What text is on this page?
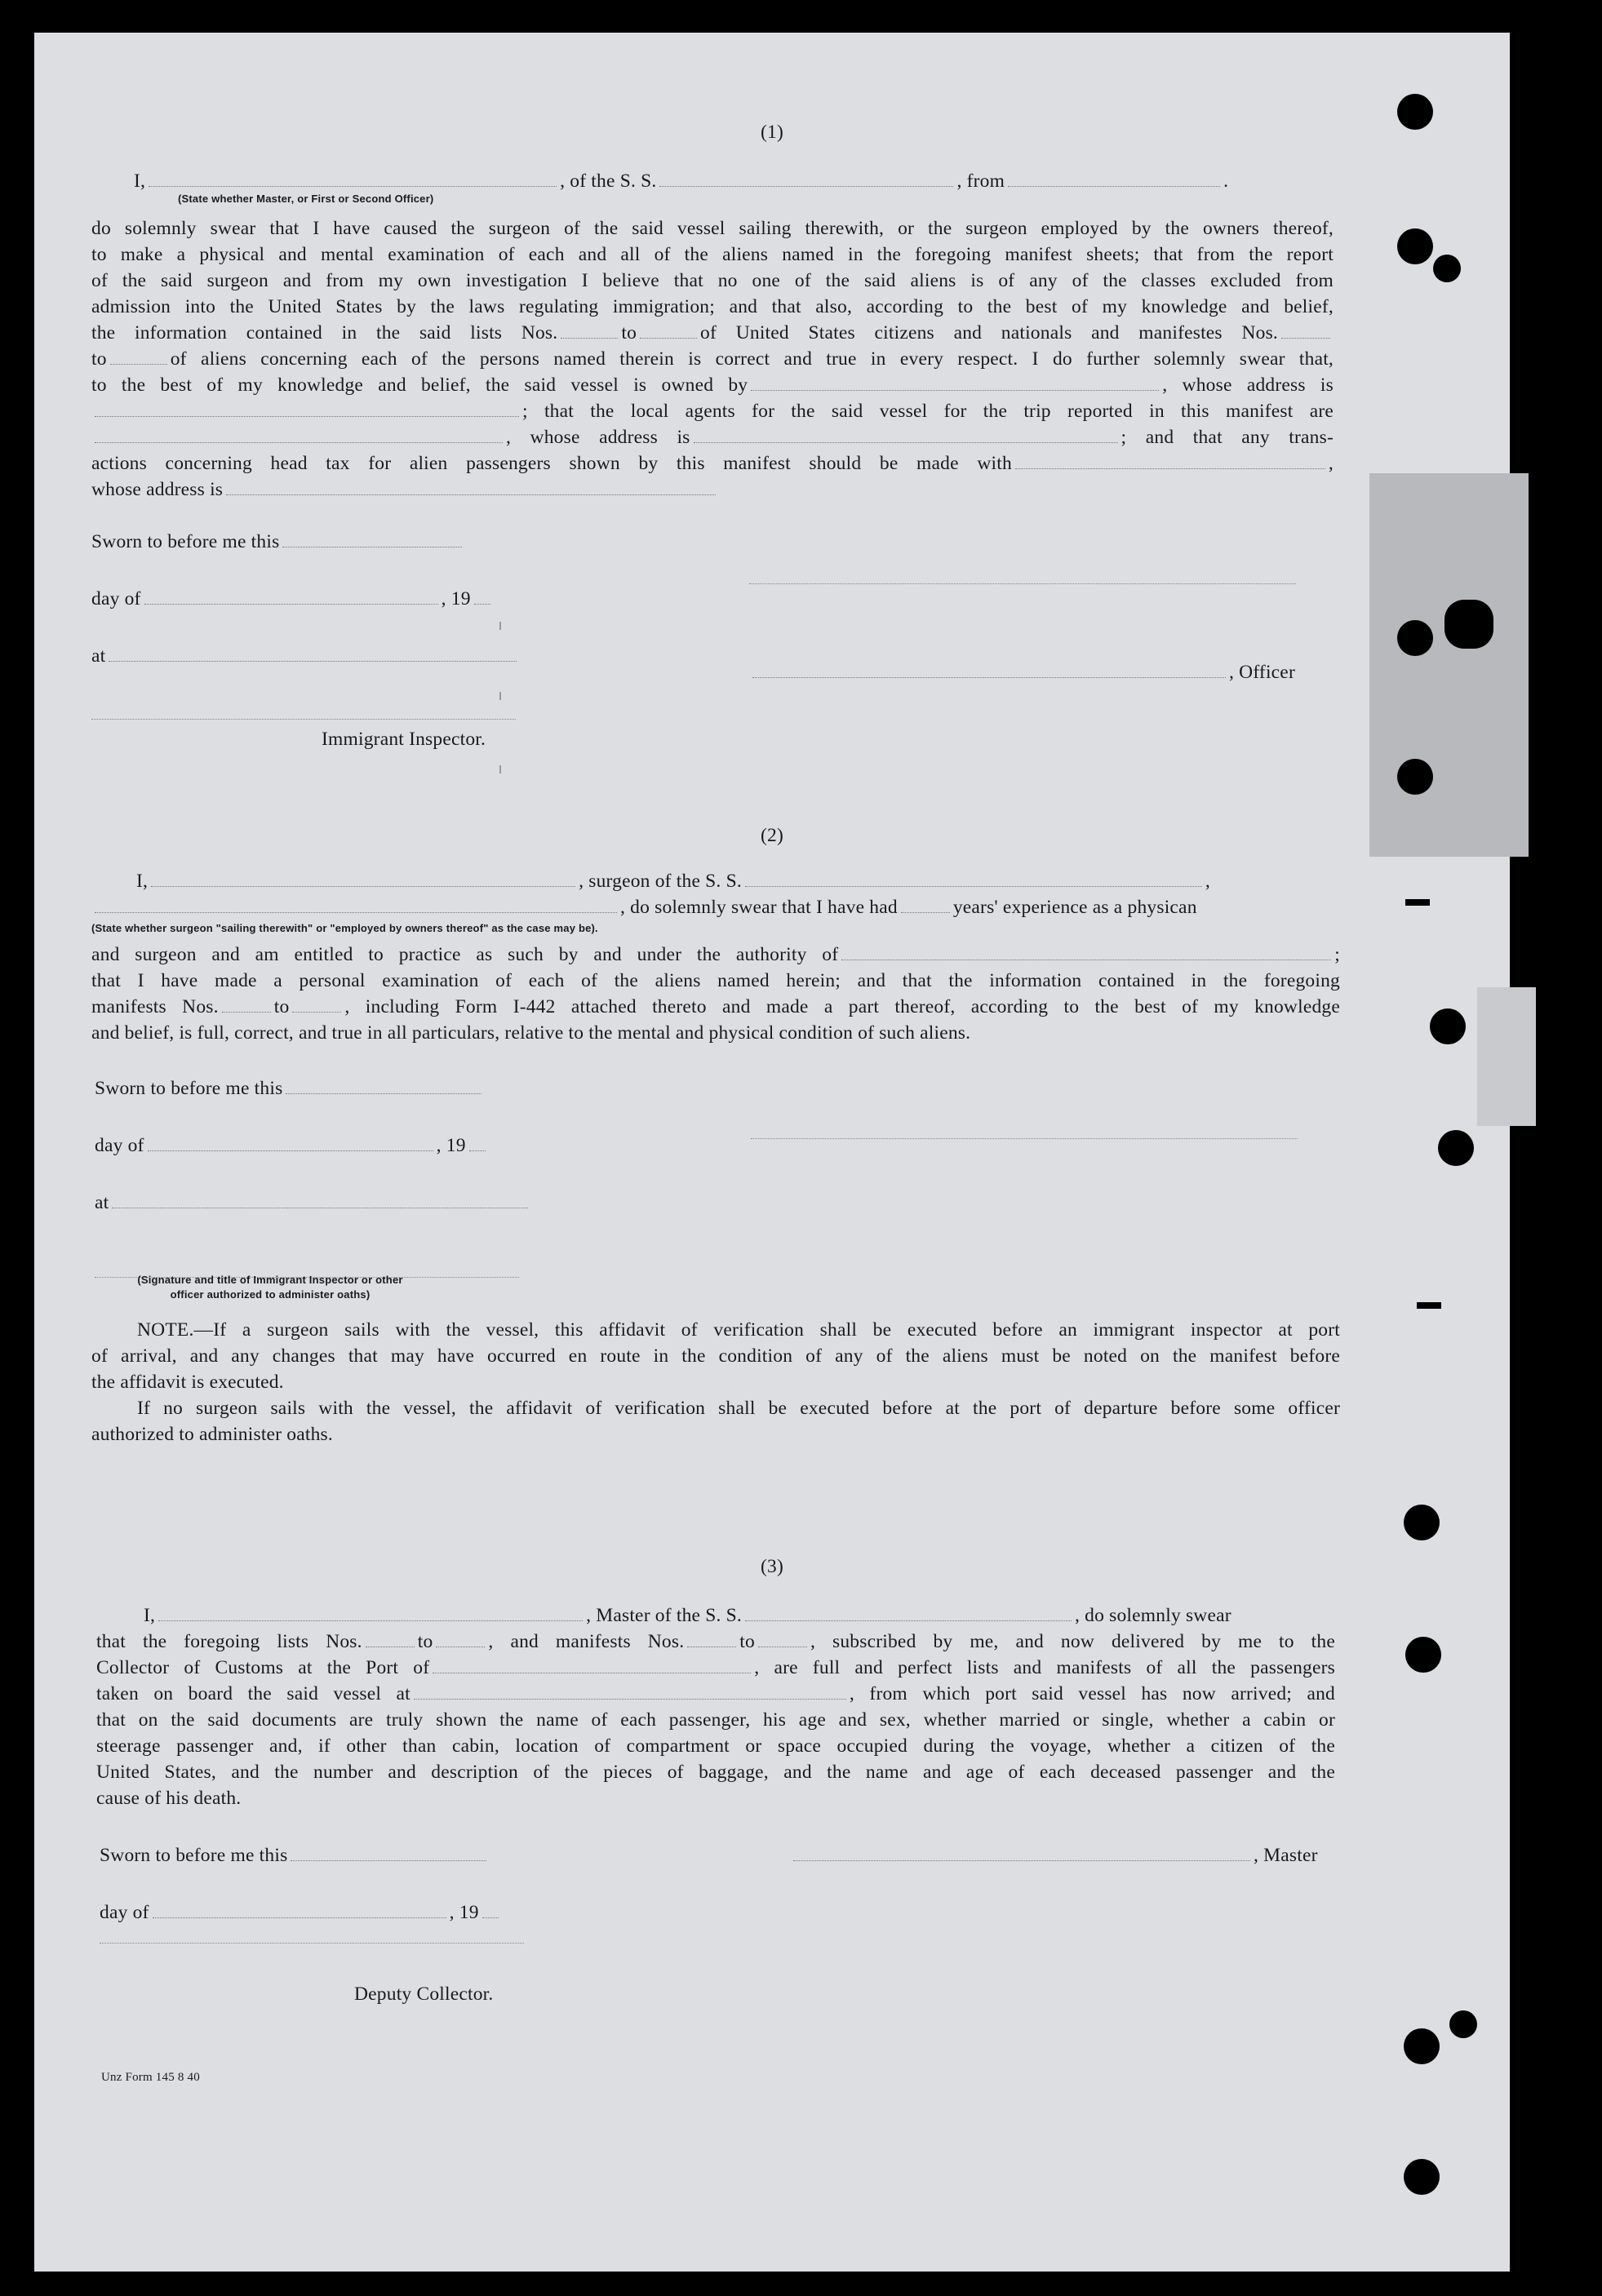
(1)
I,	, of the S. S.	, from	.
(State whether Master, or First or Second Officer)
do solemnly swear that I have caused the surgeon of the said vessel sailing therewith, or the surgeon employed by the owners thereof,
to make a physical and mental examination of each and all of the aliens named in the foregoing manifest sheets; that from the report
of the said surgeon and from my own investigation I believe that no one of the said aliens is of any of the classes excluded from
admission into the United States by the laws regulating immigration; and that also, according to the best of my knowledge and belief,
the information contained in the said lists Nos.	to	of United States citizens and nationals and manifestes Nos.
to	of aliens concerning each of the persons named therein is correct and true in every respect. I do further solemnly swear that,
to the best of my knowledge and belief, the said vessel is owned by	, whose address is
; that the local agents for the said vessel for the trip reported in this manifest are
, whose address is	; and that any trans-
actions concerning head tax for alien passengers shown by this manifest should be made with	,
whose address is
Sworn to before me this
day of	, 19
at
, Officer
Immigrant Inspector.
(2)
I,	, surgeon of the S. S.	,
, do solemnly swear that I have had	years' experience as a physican
(State whether surgeon "sailing therewith" or "employed by owners thereof" as the case may be).
and surgeon and am entitled to practice as such by and under the authority of	;
that I have made a personal examination of each of the aliens named herein; and that the information contained in the foregoing
manifests Nos.	to	, including Form I-442 attached thereto and made a part thereof, according to the best of my knowledge
and belief, is full, correct, and true in all particulars, relative to the mental and physical condition of such aliens.
Sworn to before me this
day of	, 19
at
(Signature and title of Immigrant Inspector or other
officer authorized to administer oaths)
NOTE.—If a surgeon sails with the vessel, this affidavit of verification shall be executed before an immigrant inspector at port
of arrival, and any changes that may have occurred en route in the condition of any of the aliens must be noted on the manifest before
the affidavit is executed.
If no surgeon sails with the vessel, the affidavit of verification shall be executed before at the port of departure before some officer
authorized to administer oaths.
(3)
I,	, Master of the S. S.	, do solemnly swear
that the foregoing lists Nos.	to	, and manifests Nos.	to	, subscribed by me, and now delivered by me to the
Collector of Customs at the Port of	, are full and perfect lists and manifests of all the passengers
taken on board the said vessel at	, from which port said vessel has now arrived; and
that on the said documents are truly shown the name of each passenger, his age and sex, whether married or single, whether a cabin or
steerage passenger and, if other than cabin, location of compartment or space occupied during the voyage, whether a citizen of the
United States, and the number and description of the pieces of baggage, and the name and age of each deceased passenger and the
cause of his death.
Sworn to before me this	, Master
day of	, 19
Deputy Collector.
Unz Form 145 8 40
